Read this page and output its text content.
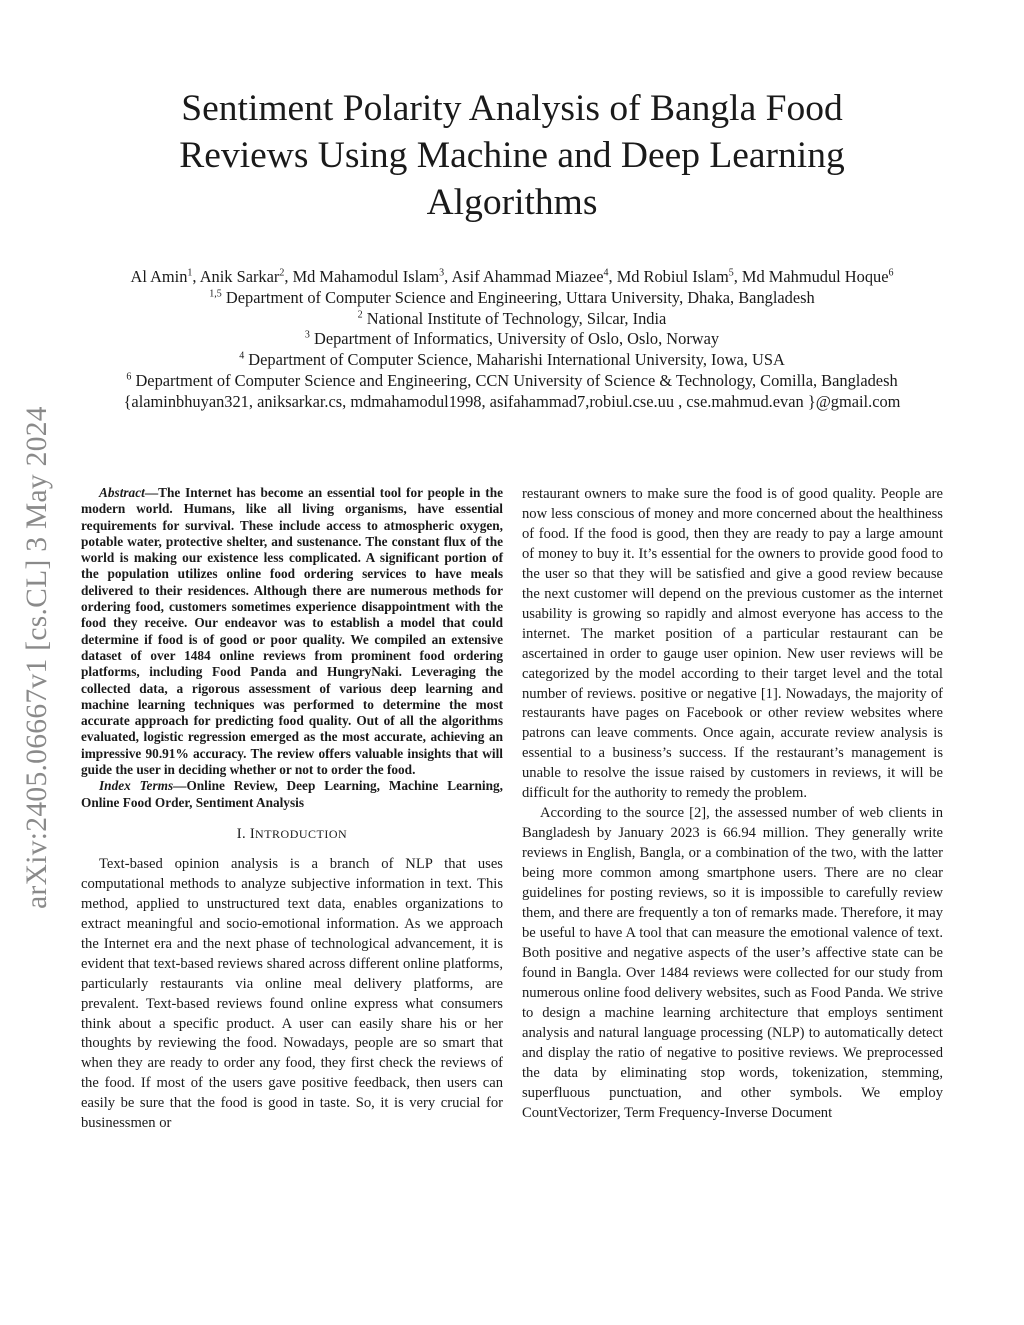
arXiv:2405.06667v1 [cs.CL] 3 May 2024
Sentiment Polarity Analysis of Bangla Food
Reviews Using Machine and Deep Learning
Algorithms
Al Amin$^1$, Anik Sarkar$^2$, Md Mahamodul Islam$^3$, Asif Ahammad Miazee$^4$, Md Robiul Islam$^5$, Md Mahmudul Hoque$^6$
$^{1,5}$ Department of Computer Science and Engineering, Uttara University, Dhaka, Bangladesh
$^2$ National Institute of Technology, Silcar, India
$^3$ Department of Informatics, University of Oslo, Oslo, Norway
$^4$ Department of Computer Science, Maharishi International University, Iowa, USA
$^6$ Department of Computer Science and Engineering, CCN University of Science & Technology, Comilla, Bangladesh
{alaminbhuyan321, aniksarkar.cs, mdmahamodul1998, asifahammad7,robiul.cse.uu , cse.mahmud.evan }@gmail.com

Abstract—The Internet has become an essential tool for people in the modern world. Humans, like all living organisms, have essential requirements for survival. These include access to atmospheric oxygen, potable water, protective shelter, and sustenance. The constant flux of the world is making our existence less complicated. A significant portion of the population utilizes online food ordering services to have meals delivered to their residences. Although there are numerous methods for ordering food, customers sometimes experience disappointment with the food they receive. Our endeavor was to establish a model that could determine if food is of good or poor quality. We compiled an extensive dataset of over 1484 online reviews from prominent food ordering platforms, including Food Panda and HungryNaki. Leveraging the collected data, a rigorous assessment of various deep learning and machine learning techniques was performed to determine the most accurate approach for predicting food quality. Out of all the algorithms evaluated, logistic regression emerged as the most accurate, achieving an impressive 90.91% accuracy. The review offers valuable insights that will guide the user in deciding whether or not to order the food.

Index Terms—Online Review, Deep Learning, Machine Learning, Online Food Order, Sentiment Analysis

I. INTRODUCTION

Text-based opinion analysis is a branch of NLP that uses computational methods to analyze subjective information in text. This method, applied to unstructured text data, enables organizations to extract meaningful and socio-emotional information. As we approach the Internet era and the next phase of technological advancement, it is evident that text-based reviews shared across different online platforms, particularly restaurants via online meal delivery platforms, are prevalent. Text-based reviews found online express what consumers think about a specific product. A user can easily share his or her thoughts by reviewing the food. Nowadays, people are so smart that when they are ready to order any food, they first check the reviews of the food. If most of the users gave positive feedback, then users can easily be sure that the food is good in taste. So, it is very crucial for businessmen or

restaurant owners to make sure the food is of good quality. People are now less conscious of money and more concerned about the healthiness of food. If the food is good, then they are ready to pay a large amount of money to buy it. It’s essential for the owners to provide good food to the user so that they will be satisfied and give a good review because the next customer will depend on the previous customer as the internet usability is growing so rapidly and almost everyone has access to the internet. The market position of a particular restaurant can be ascertained in order to gauge user opinion. New user reviews will be categorized by the model according to their target level and the total number of reviews. positive or negative [1]. Nowadays, the majority of restaurants have pages on Facebook or other review websites where patrons can leave comments. Once again, accurate review analysis is essential to a business’s success. If the restaurant’s management is unable to resolve the issue raised by customers in reviews, it will be difficult for the authority to remedy the problem.

According to the source [2], the assessed number of web clients in Bangladesh by January 2023 is 66.94 million. They generally write reviews in English, Bangla, or a combination of the two, with the latter being more common among smartphone users. There are no clear guidelines for posting reviews, so it is impossible to carefully review them, and there are frequently a ton of remarks made. Therefore, it may be useful to have A tool that can measure the emotional valence of text. Both positive and negative aspects of the user’s affective state can be found in Bangla. Over 1484 reviews were collected for our study from numerous online food delivery websites, such as Food Panda. We strive to design a machine learning architecture that employs sentiment analysis and natural language processing (NLP) to automatically detect and display the ratio of negative to positive reviews. We preprocessed the data by eliminating stop words, tokenization, stemming, superfluous punctuation, and other symbols. We employ CountVectorizer, Term Frequency-Inverse Document
